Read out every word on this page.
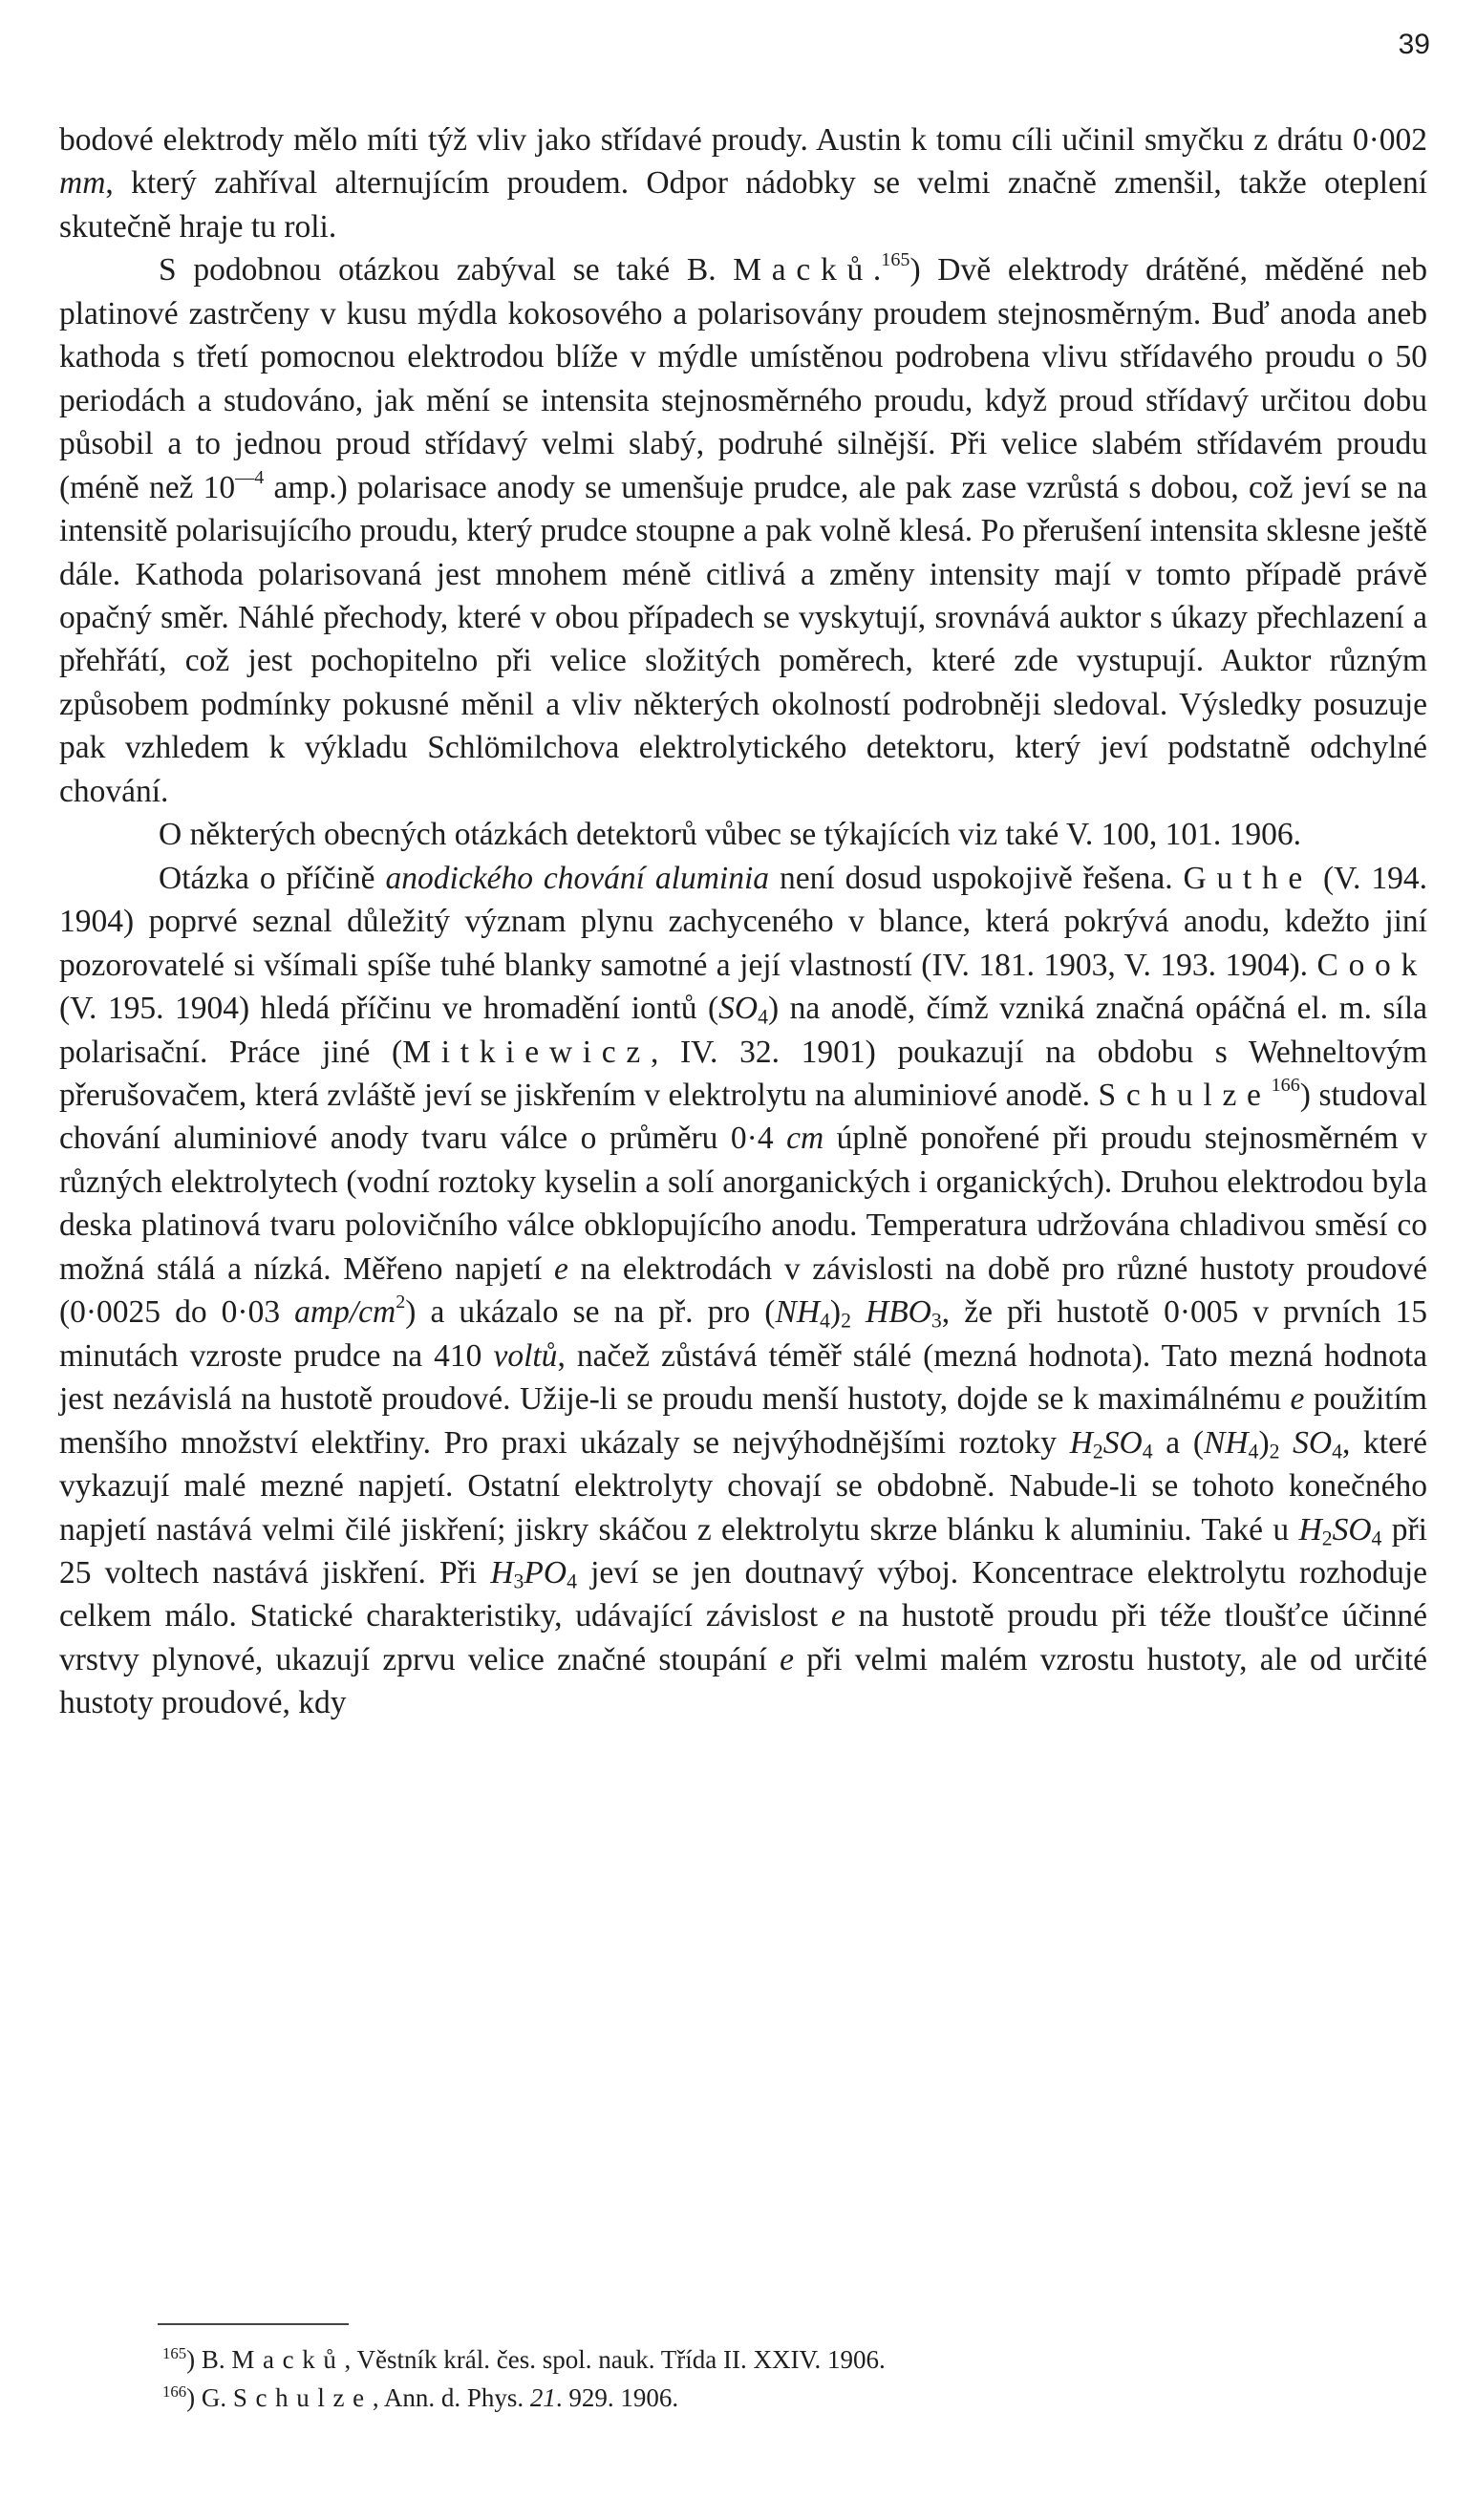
39

bodové elektrody mělo míti týž vliv jako střídavé proudy. Austin k tomu cíli učinil smyčku z drátu 0·002 mm, který zahříval alternujícím proudem. Odpor nádobky se velmi značně zmenšil, takže oteplení skutečně hraje tu roli.

S podobnou otázkou zabýval se také B. Macků.$^{165}$) Dvě elektrody drátěné, měděné neb platinové zastrčeny v kusu mýdla kokosového a polarisovány proudem stejnosměrným. Buď anoda aneb kathoda s třetí pomocnou elektrodou blíže v mýdle umístěnou podrobena vlivu střídavého proudu o 50 periodách a studováno, jak mění se intensita stejnosměrného proudu, když proud střídavý určitou dobu působil a to jednou proud střídavý velmi slabý, podruhé silnější. Při velice slabém střídavém proudu (méně než $10^{—4}$ amp.) polarisace anody se umenšuje prudce, ale pak zase vzrůstá s dobou, což jeví se na intensitě polarisujícího proudu, který prudce stoupne a pak volně klesá. Po přerušení intensita sklesne ještě dále. Kathoda polarisovaná jest mnohem méně citlivá a změny intensity mají v tomto případě právě opačný směr. Náhlé přechody, které v obou případech se vyskytují, srovnává auktor s úkazy přechlazení a přehřátí, což jest pochopitelno při velice složitých poměrech, které zde vystupují. Auktor různým způsobem podmínky pokusné měnil a vliv některých okolností podrobněji sledoval. Výsledky posuzuje pak vzhledem k výkladu Schlömilchova elektrolytického detektoru, který jeví podstatně odchylné chování.

O některých obecných otázkách detektorů vůbec se týkajících viz také V. 100, 101. 1906.

Otázka o příčině anodického chování aluminia není dosud uspokojivě řešena. Guthe (V. 194. 1904) poprvé seznal důležitý význam plynu zachyceného v blance, která pokrývá anodu, kdežto jiní pozorovatelé si všímali spíše tuhé blanky samotné a její vlastností (IV. 181. 1903, V. 193. 1904). Cook (V. 195. 1904) hledá příčinu ve hromadění iontů $(SO_4)$ na anodě, čímž vzniká značná opáčná el. m. síla polarisační. Práce jiné (Mitkiewicz, IV. 32. 1901) poukazují na obdobu s Wehneltovým přerušovačem, která zvláště jeví se jiskřením v elektrolytu na aluminiové anodě. Schulze$^{166}$) studoval chování aluminiové anody tvaru válce o průměru 0·4 cm úplně ponořené při proudu stejnosměrném v různých elektrolytech (vodní roztoky kyselin a solí anorganických i organických). Druhou elektrodou byla deska platinová tvaru polovičního válce obklopujícího anodu. Temperatura udržována chladivou směsí co možná stálá a nízká. Měřeno napjetí e na elektrodách v závislosti na době pro různé hustoty proudové (0·0025 do 0·03 amp/$cm^2$) a ukázalo se na př. pro $(NH_4)_2$ $HBO_3$, že při hustotě 0·005 v prvních 15 minutách vzroste prudce na 410 voltů, načež zůstává téměř stálé (mezná hodnota). Tato mezná hodnota jest nezávislá na hustotě proudové. Užije-li se proudu menší hustoty, dojde se k maximálnému e použitím menšího množství elektřiny. Pro praxi ukázaly se nejvýhodnějšími roztoky $H_2SO_4$ a $(NH_4)_2$ $SO_4$, které vykazují malé mezné napjetí. Ostatní elektrolyty chovají se obdobně. Nabude-li se tohoto konečného napjetí nastává velmi čilé jiskření; jiskry skáčou z elektrolytu skrze blánku k aluminiu. Také u $H_2SO_4$ při 25 voltech nastává jiskření. Při $H_3PO_4$ jeví se jen doutnavý výboj. Koncentrace elektrolytu rozhoduje celkem málo. Statické charakteristiky, udávající závislost e na hustotě proudu při téže tloušťce účinné vrstvy plynové, ukazují zprvu velice značné stoupání e při velmi malém vzrostu hustoty, ale od určité hustoty proudové, kdy

$^{165}$) B. Macků, Věstník král. čes. spol. nauk. Třída II. XXIV. 1906.

$^{166}$) G. Schulze, Ann. d. Phys. 21. 929. 1906.
